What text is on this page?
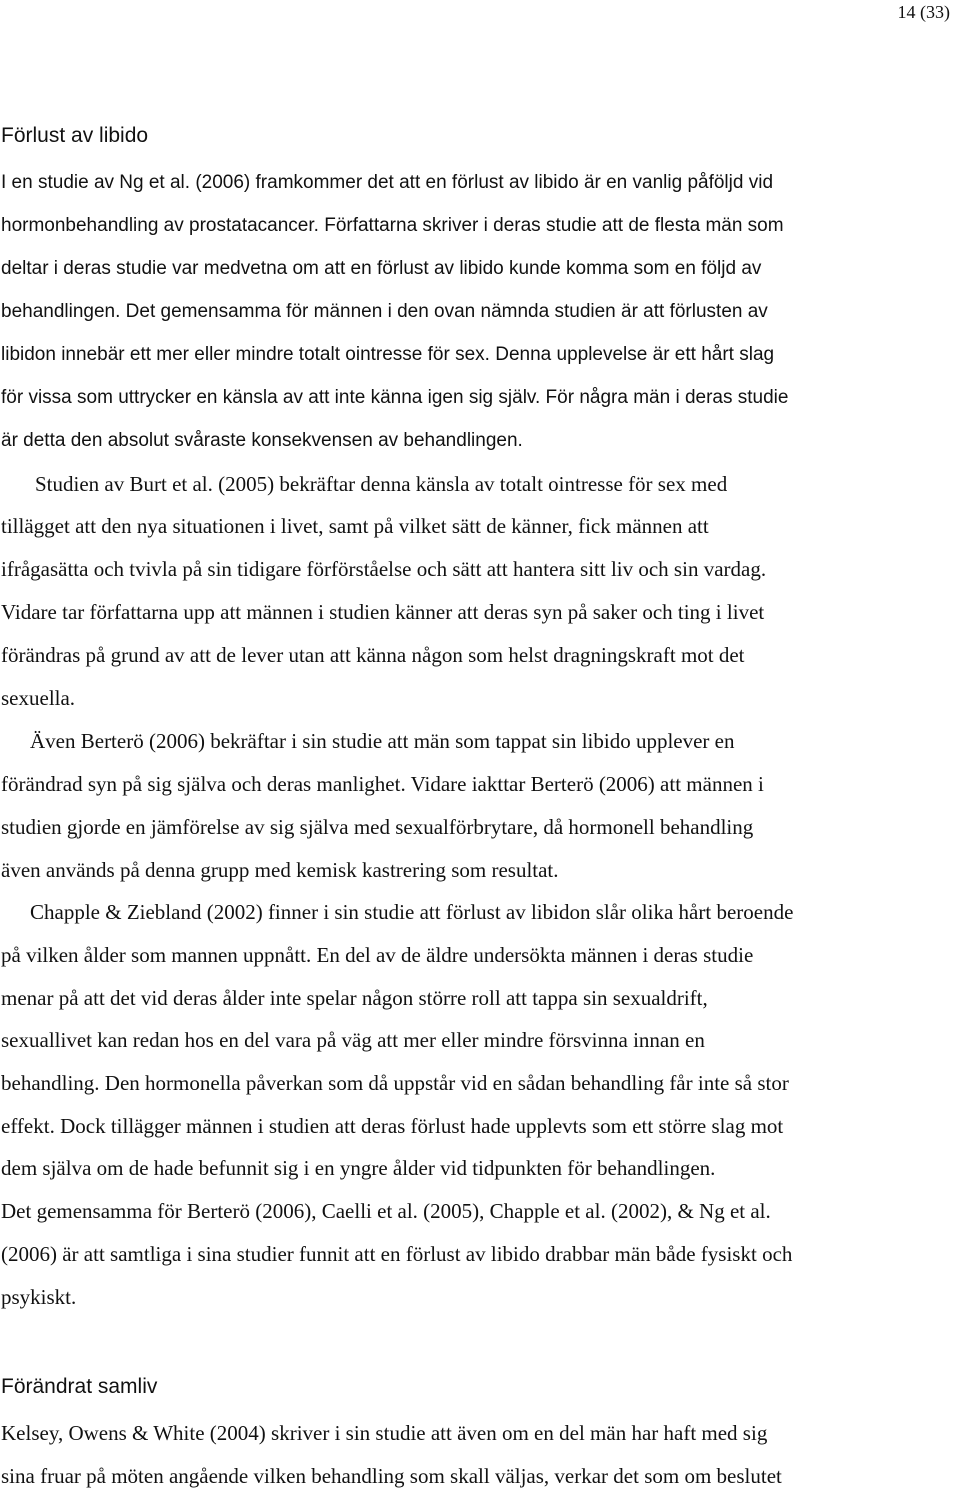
14 (33)
Förlust av libido
I en studie av Ng et al. (2006) framkommer det att en förlust av libido är en vanlig påföljd vid
hormonbehandling av prostatacancer. Författarna skriver i deras studie att de flesta män som
deltar i deras studie var medvetna om att en förlust av libido kunde komma som en följd av
behandlingen. Det gemensamma för männen i den ovan nämnda studien är att förlusten av
libidon innebär ett mer eller mindre totalt ointresse för sex. Denna upplevelse är ett hårt slag
för vissa som uttrycker en känsla av att inte känna igen sig själv. För några män i deras studie
är detta den absolut svåraste konsekvensen av behandlingen.
Studien av Burt et al. (2005) bekräftar denna känsla av totalt ointresse för sex med
tillägget att den nya situationen i livet, samt på vilket sätt de känner, fick männen att
ifrågasätta och tvivla på sin tidigare förförståelse och sätt att hantera sitt liv och sin vardag.
Vidare tar författarna upp att männen i studien känner att deras syn på saker och ting i livet
förändras på grund av att de lever utan att känna någon som helst dragningskraft mot det
sexuella.
Även Berterö (2006) bekräftar i sin studie att män som tappat sin libido upplever en
förändrad syn på sig själva och deras manlighet. Vidare iakttar Berterö (2006) att männen i
studien gjorde en jämförelse av sig själva med sexualförbrytare, då hormonell behandling
även används på denna grupp med kemisk kastrering som resultat.
Chapple & Ziebland (2002) finner i sin studie att förlust av libidon slår olika hårt beroende
på vilken ålder som mannen uppnått. En del av de äldre undersökta männen i deras studie
menar på att det vid deras ålder inte spelar någon större roll att tappa sin sexualdrift,
sexuallivet kan redan hos en del vara på väg att mer eller mindre försvinna innan en
behandling. Den hormonella påverkan som då uppstår vid en sådan behandling får inte så stor
effekt. Dock tillägger männen i studien att deras förlust hade upplevts som ett större slag mot
dem själva om de hade befunnit sig i en yngre ålder vid tidpunkten för behandlingen.
Det gemensamma för Berterö (2006), Caelli et al. (2005), Chapple et al. (2002), & Ng et al.
(2006) är att samtliga i sina studier funnit att en förlust av libido drabbar män både fysiskt och
psykiskt.
Förändrat samliv
Kelsey, Owens & White (2004) skriver i sin studie att även om en del män har haft med sig
sina fruar på möten angående vilken behandling som skall väljas, verkar det som om beslutet
